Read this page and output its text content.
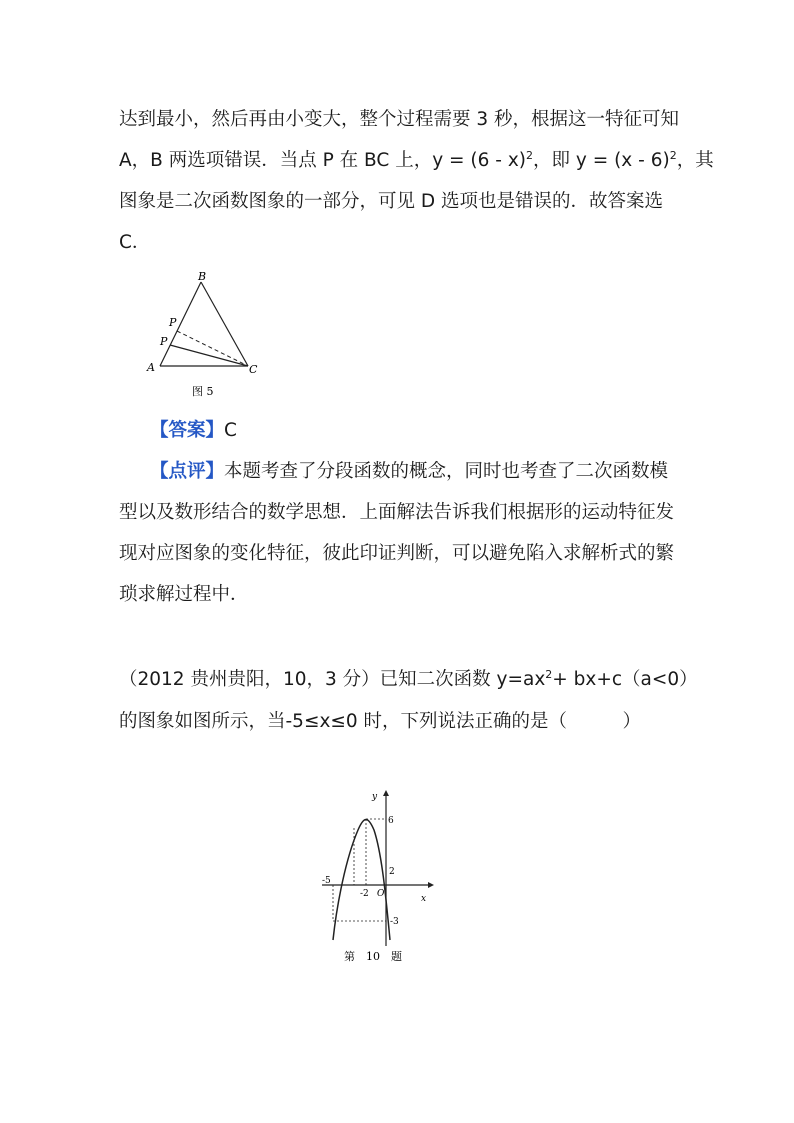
达到最小，然后再由小变大，整个过程需要 3 秒，根据这一特征可知
A，B 两选项错误．当点 P 在 BC 上，y = (6 - x)$^2$，即 y = (x - 6)$^2$，其
图象是二次函数图象的一部分，可见 D 选项也是错误的．故答案选
C．
B
P
P
A	C
图 5
【答案】C
【点评】本题考查了分段函数的概念，同时也考查了二次函数模
型以及数形结合的数学思想．上面解法告诉我们根据形的运动特征发
现对应图象的变化特征，彼此印证判断，可以避免陷入求解析式的繁
琐求解过程中．
（2012 贵州贵阳，10，3 分）已知二次函数 $y=ax^2+ bx+c(a<0)$
的图象如图所示，当-5≤x≤0 时，下列说法正确的是（　　　）
y
x
6
2
-5
-2 O
-3
第　10　题
